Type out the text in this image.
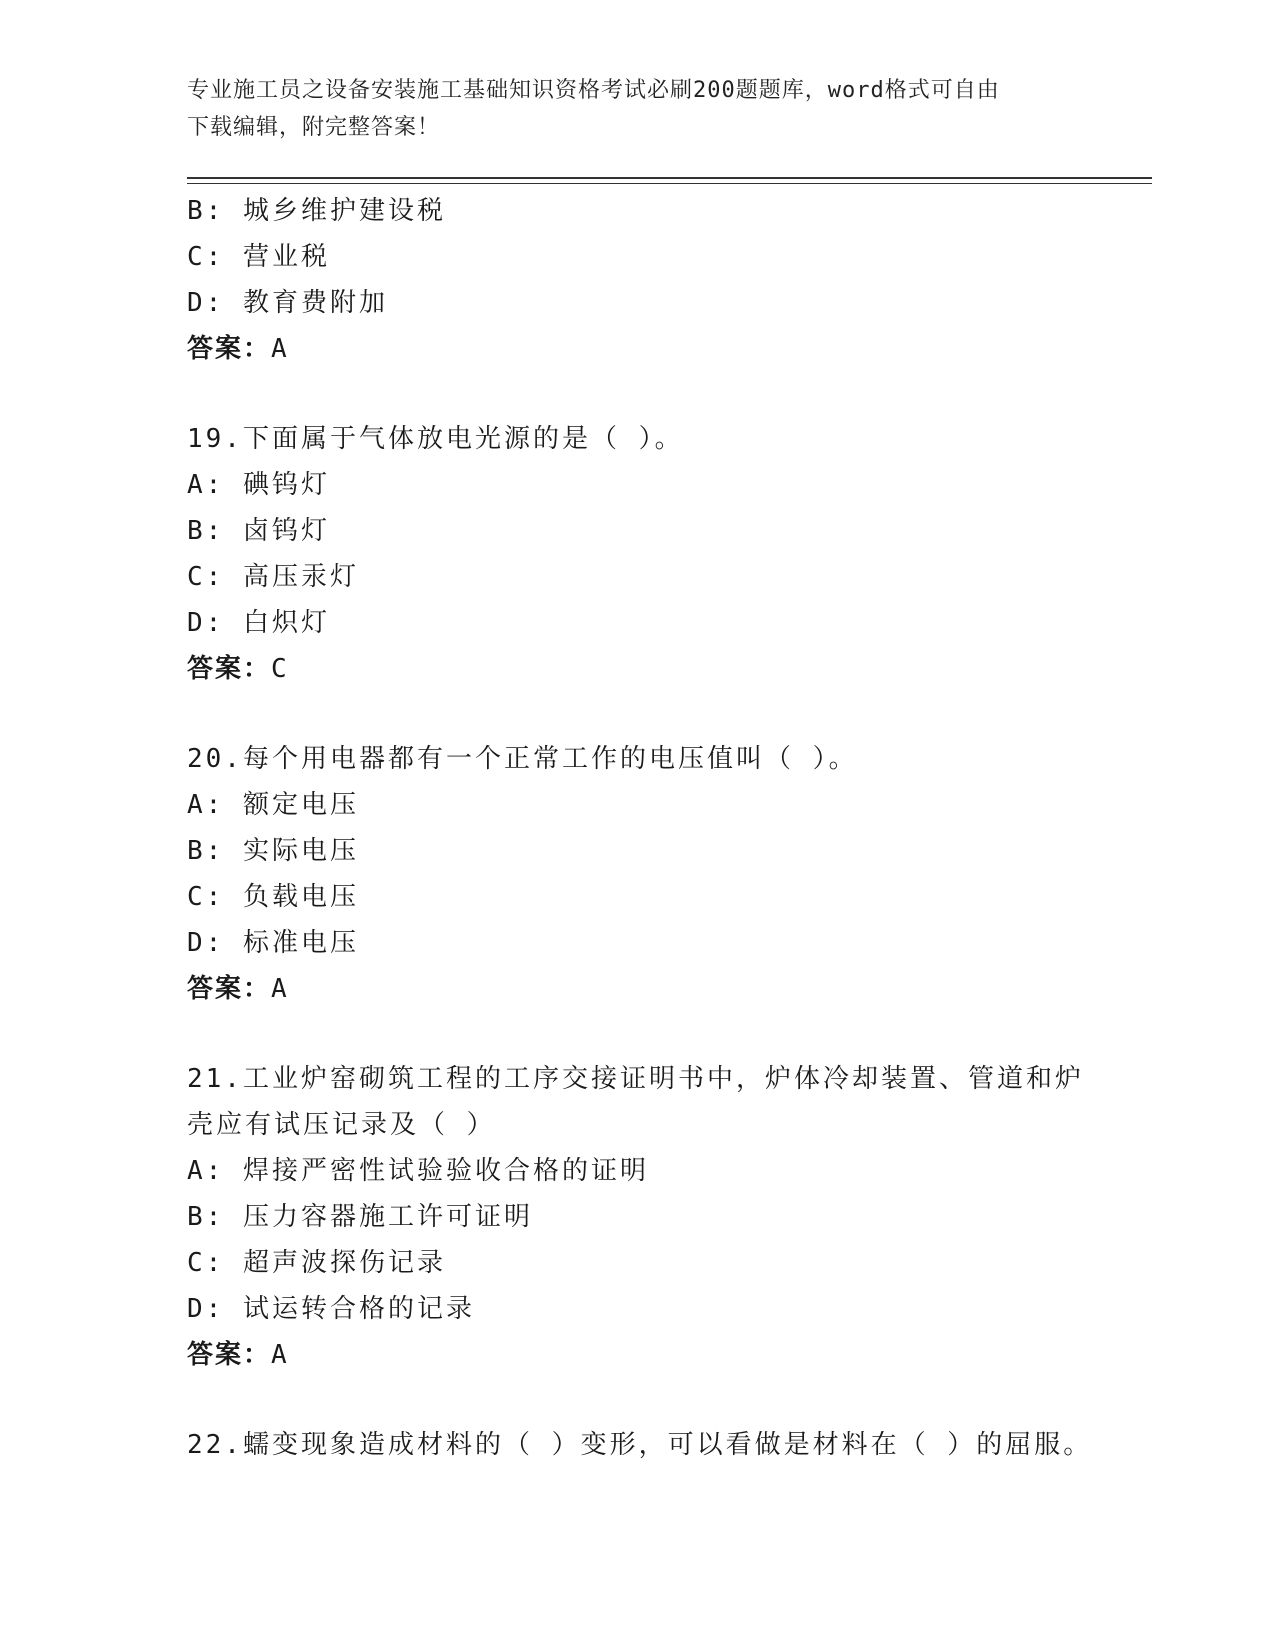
专业施工员之设备安装施工基础知识资格考试必刷200题题库，word格式可自由
下载编辑，附完整答案！
B: 城乡维护建设税
C: 营业税
D: 教育费附加
答案：A
19.下面属于气体放电光源的是（ ）。
A: 碘钨灯
B: 卤钨灯
C: 高压汞灯
D: 白炽灯
答案：C
20.每个用电器都有一个正常工作的电压值叫（ ）。
A: 额定电压
B: 实际电压
C: 负载电压
D: 标准电压
答案：A
21.工业炉窑砌筑工程的工序交接证明书中，炉体冷却装置、管道和炉
壳应有试压记录及（ ）
A: 焊接严密性试验验收合格的证明
B: 压力容器施工许可证明
C: 超声波探伤记录
D: 试运转合格的记录
答案：A
22.蠕变现象造成材料的（ ）变形，可以看做是材料在（ ）的屈服。
